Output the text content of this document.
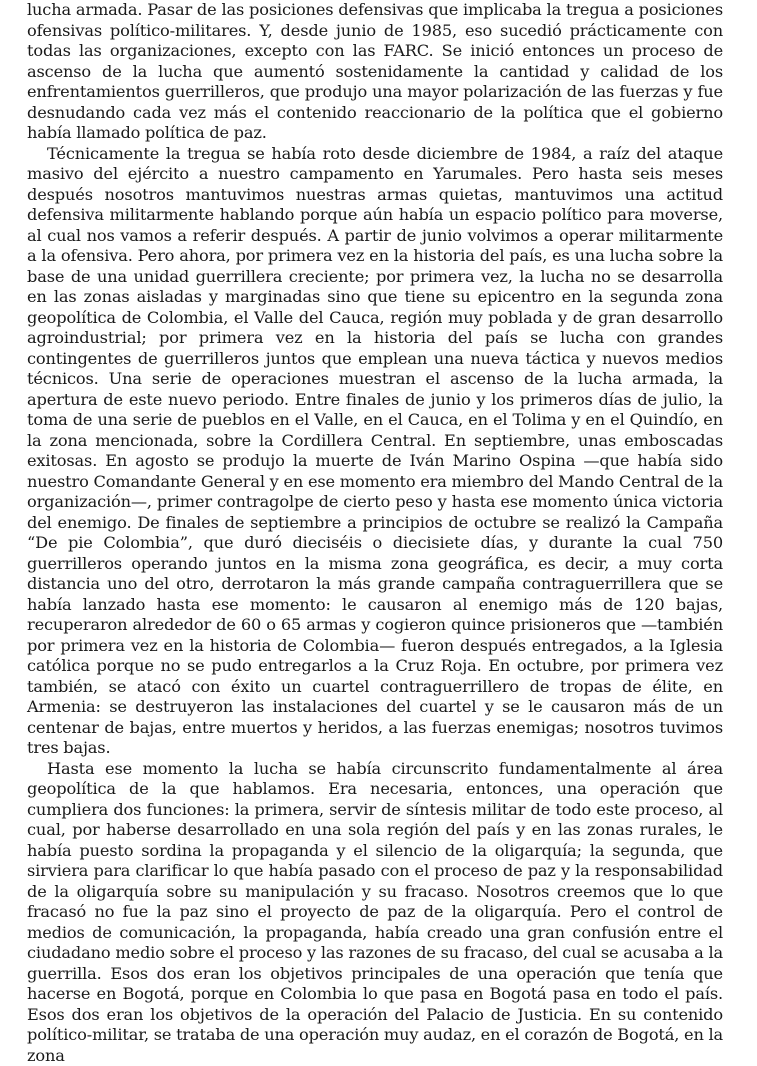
lucha armada. Pasar de las posiciones defensivas que implicaba la tregua a posiciones ofensivas político-militares. Y, desde junio de 1985, eso sucedió prácticamente con todas las organizaciones, excepto con las FARC. Se inició entonces un proceso de ascenso de la lucha que aumentó sostenidamente la cantidad y calidad de los enfrentamientos guerrilleros, que produjo una mayor polarización de las fuerzas y fue desnudando cada vez más el contenido reaccionario de la política que el gobierno había llamado política de paz.

Técnicamente la tregua se había roto desde diciembre de 1984, a raíz del ataque masivo del ejército a nuestro campamento en Yarumales. Pero hasta seis meses después nosotros mantuvimos nuestras armas quietas, mantuvimos una actitud defensiva militarmente hablando porque aún había un espacio político para moverse, al cual nos vamos a referir después. A partir de junio volvimos a operar militarmente a la ofensiva. Pero ahora, por primera vez en la historia del país, es una lucha sobre la base de una unidad guerrillera creciente; por primera vez, la lucha no se desarrolla en las zonas aisladas y marginadas sino que tiene su epicentro en la segunda zona geopolítica de Colombia, el Valle del Cauca, región muy poblada y de gran desarrollo agroindustrial; por primera vez en la historia del país se lucha con grandes contingentes de guerrilleros juntos que emplean una nueva táctica y nuevos medios técnicos. Una serie de operaciones muestran el ascenso de la lucha armada, la apertura de este nuevo periodo. Entre finales de junio y los primeros días de julio, la toma de una serie de pueblos en el Valle, en el Cauca, en el Tolima y en el Quindío, en la zona mencionada, sobre la Cordillera Central. En septiembre, unas emboscadas exitosas. En agosto se produjo la muerte de Iván Marino Ospina —que había sido nuestro Comandante General y en ese momento era miembro del Mando Central de la organización—, primer contragolpe de cierto peso y hasta ese momento única victoria del enemigo. De finales de septiembre a principios de octubre se realizó la Campaña “De pie Colombia”, que duró dieciséis o diecisiete días, y durante la cual 750 guerrilleros operando juntos en la misma zona geográfica, es decir, a muy corta distancia uno del otro, derrotaron la más grande campaña contraguerrillera que se había lanzado hasta ese momento: le causaron al enemigo más de 120 bajas, recuperaron alrededor de 60 o 65 armas y cogieron quince prisioneros que —también por primera vez en la historia de Colombia— fueron después entregados, a la Iglesia católica porque no se pudo entregarlos a la Cruz Roja. En octubre, por primera vez también, se atacó con éxito un cuartel contraguerrillero de tropas de élite, en Armenia: se destruyeron las instalaciones del cuartel y se le causaron más de un centenar de bajas, entre muertos y heridos, a las fuerzas enemigas; nosotros tuvimos tres bajas.

Hasta ese momento la lucha se había circunscrito fundamentalmente al área geopolítica de la que hablamos. Era necesaria, entonces, una operación que cumpliera dos funciones: la primera, servir de síntesis militar de todo este proceso, al cual, por haberse desarrollado en una sola región del país y en las zonas rurales, le había puesto sordina la propaganda y el silencio de la oligarquía; la segunda, que sirviera para clarificar lo que había pasado con el proceso de paz y la responsabilidad de la oligarquía sobre su manipulación y su fracaso. Nosotros creemos que lo que fracasó no fue la paz sino el proyecto de paz de la oligarquía. Pero el control de medios de comunicación, la propaganda, había creado una gran confusión entre el ciudadano medio sobre el proceso y las razones de su fracaso, del cual se acusaba a la guerrilla. Esos dos eran los objetivos principales de una operación que tenía que hacerse en Bogotá, porque en Colombia lo que pasa en Bogotá pasa en todo el país. Esos dos eran los objetivos de la operación del Palacio de Justicia. En su contenido político-militar, se trataba de una operación muy audaz, en el corazón de Bogotá, en la zona
